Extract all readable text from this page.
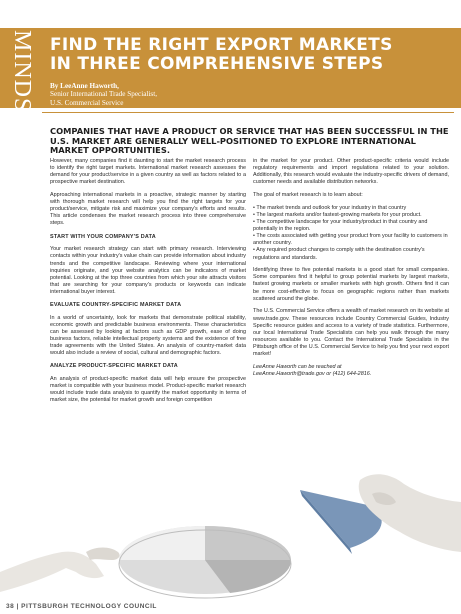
MINDSHARE FIND THE RIGHT EXPORT MARKETS
IN THREE COMPREHENSIVE STEPS
By LeeAnne Haworth,
Senior International Trade Specialist,
U.S. Commercial Service
COMPANIES THAT HAVE A PRODUCT OR SERVICE THAT HAS BEEN SUCCESSFUL IN THE U.S. MARKET ARE GENERALLY WELL-POSITIONED TO EXPLORE INTERNATIONAL MARKET OPPORTUNITIES.

However, many companies find it daunting to start the market research process to identify the right target markets. International market research assesses the demand for your product/service in a given country as well as factors related to a prospective market destination.

Approaching international markets in a proactive, strategic manner by starting with thorough market research will help you find the right targets for your product/service, mitigate risk and maximize your company's efforts and results. This article condenses the market research process into three comprehensive steps.

START WITH YOUR COMPANY'S DATA

Your market research strategy can start with primary research. Interviewing contacts within your industry's value chain can provide information about industry trends and the competitive landscape. Reviewing where your international inquiries originate, and your website analytics can be indicators of market potential. Looking at the top three countries from which your site attracts visitors that are searching for your company's products or keywords can indicate international buyer interest.

EVALUATE COUNTRY-SPECIFIC MARKET DATA

In a world of uncertainty, look for markets that demonstrate political stability, economic growth and predictable business environments. These characteristics can be assessed by looking at factors such as GDP growth, ease of doing business factors, reliable intellectual property systems and the existence of free trade agreements with the United States. An analysis of country-market data would also include a review of social, cultural and demographic factors.

ANALYZE PRODUCT-SPECIFIC MARKET DATA

An analysis of product-specific market data will help ensure the prospective market is compatible with your business model. Product-specific market research would include trade data analysis to quantify the market opportunity in terms of market size, the potential for market growth and foreign competition

in the market for your product. Other product-specific criteria would include regulatory requirements and import regulations related to your solution. Additionally, this research would evaluate the industry-specific drivers of demand, customer needs and available distribution networks.

The goal of market research is to learn about:

• The market trends and outlook for your industry in that country
• The largest markets and/or fastest-growing markets for your product.
• The competitive landscape for your industry/product in that country and potentially in the region.
• The costs associated with getting your product from your facility to customers in another country.
• Any required product changes to comply with the destination country's regulations and standards.

Identifying three to five potential markets is a good start for small companies. Some companies find it helpful to group potential markets by largest markets, fastest growing markets or smaller markets with high growth. Others find it can be more cost-effective to focus on geographic regions rather than markets scattered around the globe.

The U.S. Commercial Service offers a wealth of market research on its website at www.trade.gov. These resources include Country Commercial Guides, Industry Specific resource guides and access to a variety of trade statistics. Furthermore, our local International Trade Specialists can help you walk through the many resources available to you. Contact the International Trade Specialists in the Pittsburgh office of the U.S. Commercial Service to help you find your next export market!

LeeAnne Haworth can be reached at
LeeAnne.Haworth@trade.gov or (412) 644-2816.

38 | PITTSBURGH TECHNOLOGY COUNCIL
